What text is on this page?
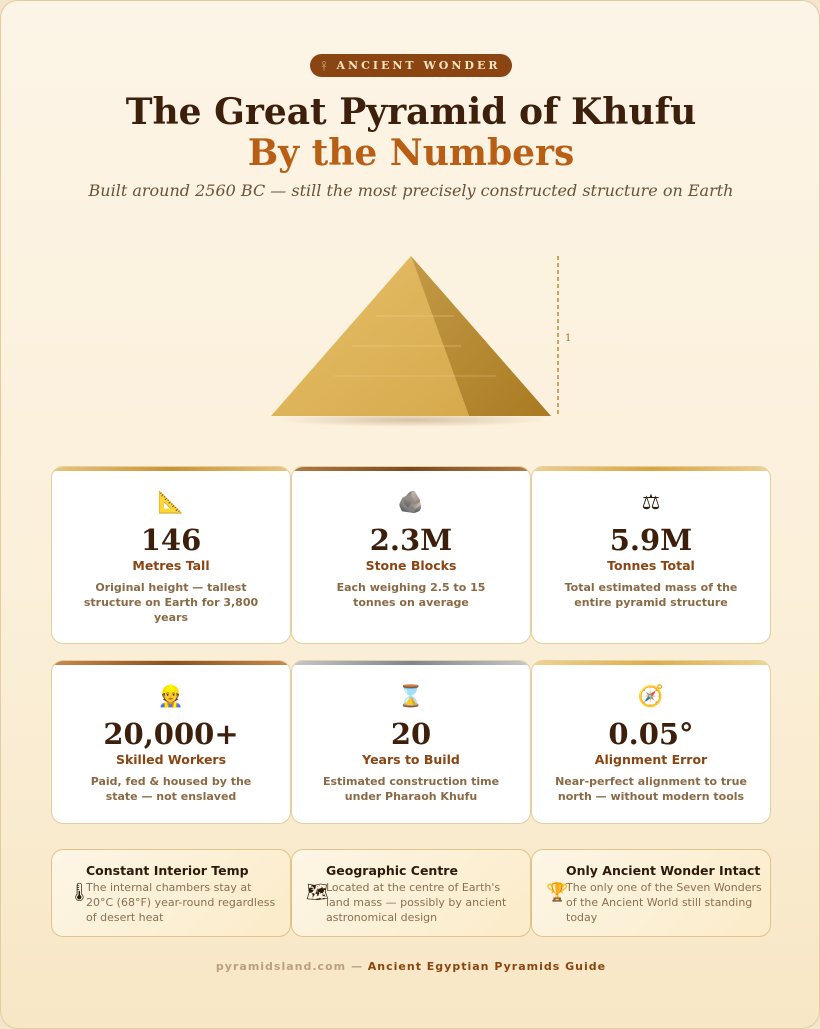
𓋹 ANCIENT WONDER
The Great Pyramid of Khufu
By the Numbers
Built around 2560 BC — still the most precisely constructed structure on Earth
1
📐
146
Metres Tall
Original height — tallest structure on Earth for 3,800 years
🪨
2.3M
Stone Blocks
Each weighing 2.5 to 15 tonnes on average
⚖
5.9M
Tonnes Total
Total estimated mass of the entire pyramid structure
👷
20,000+
Skilled Workers
Paid, fed & housed by the state — not enslaved
⌛
20
Years to Build
Estimated construction time under Pharaoh Khufu
🧭
0.05°
Alignment Error
Near-perfect alignment to true north — without modern tools
🌡
Constant Interior Temp
The internal chambers stay at 20°C (68°F) year-round regardless of desert heat
🗺
Geographic Centre
Located at the centre of Earth's land mass — possibly by ancient astronomical design
🏆
Only Ancient Wonder Intact
The only one of the Seven Wonders of the Ancient World still standing today
pyramidsland.com — Ancient Egyptian Pyramids Guide
